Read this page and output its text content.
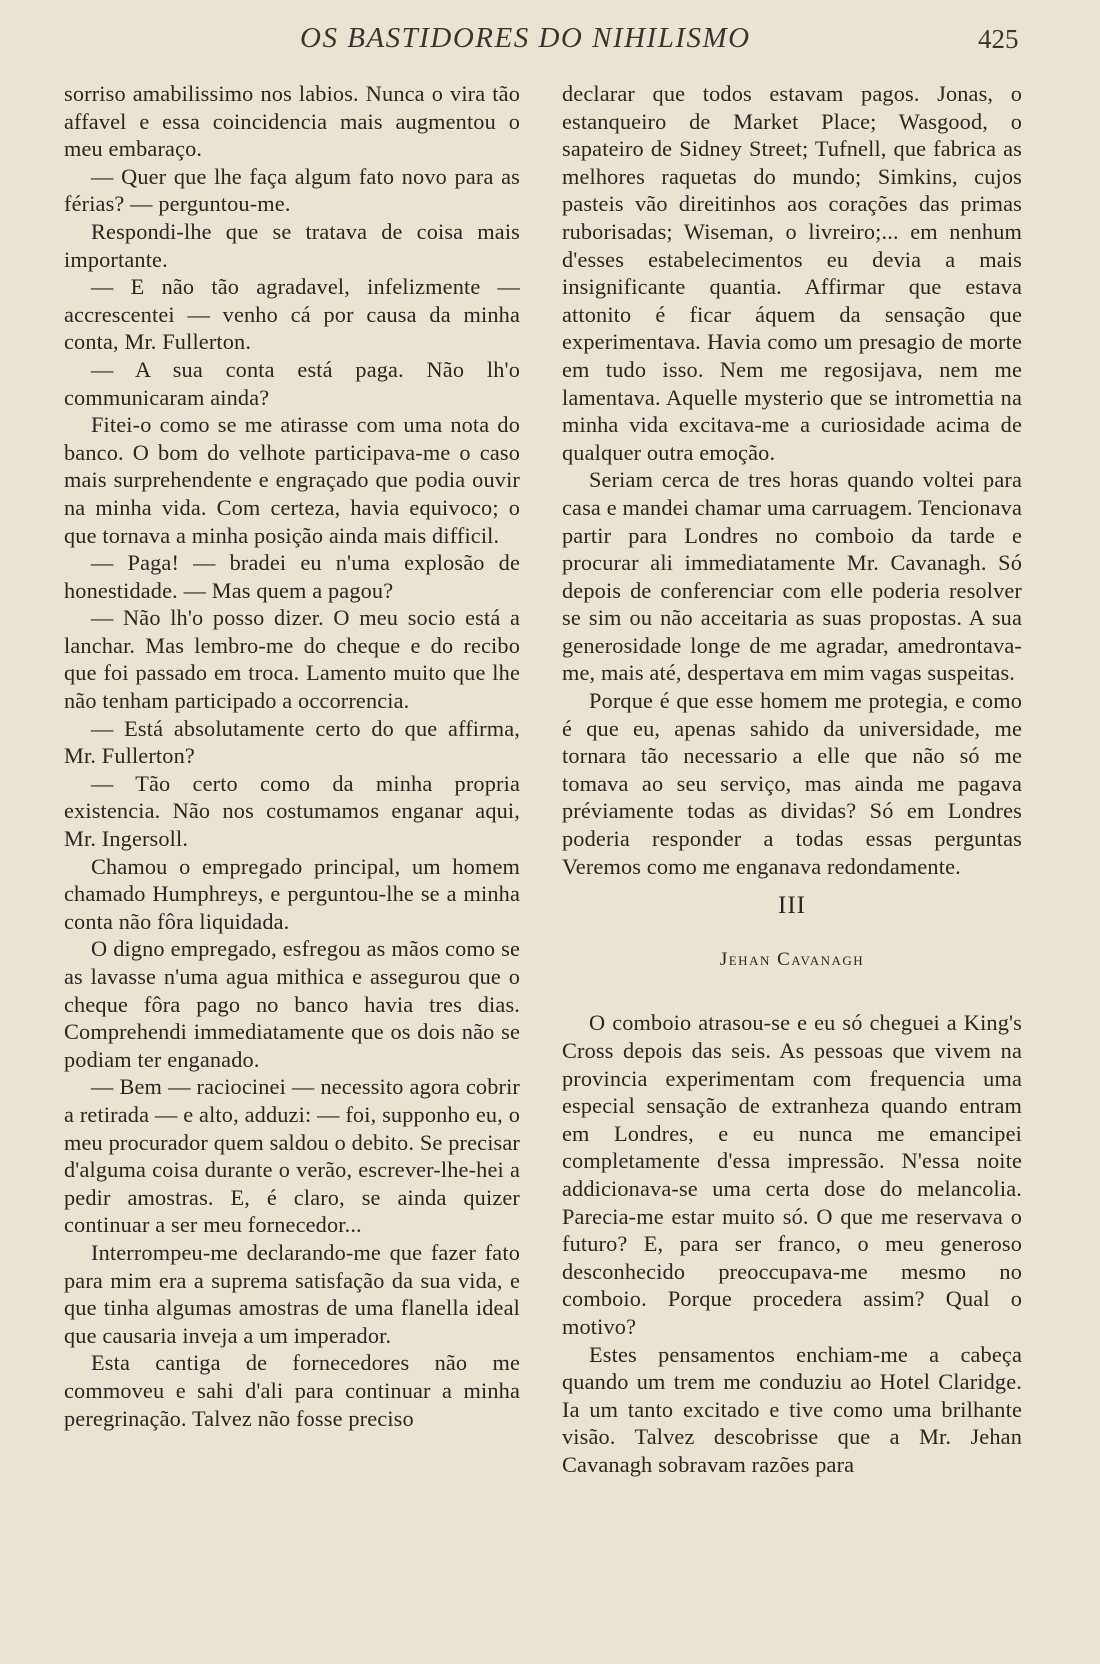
OS BASTIDORES DO NIHILISMO	425

sorriso amabilissimo nos labios. Nunca o vira tão affavel e essa coincidencia mais augmentou o meu embaraço.

— Quer que lhe faça algum fato novo para as férias? — perguntou-me.

Respondi-lhe que se tratava de coisa mais importante.

— E não tão agradavel, infelizmente — accrescentei — venho cá por causa da minha conta, Mr. Fullerton.

— A sua conta está paga. Não lh'o communicaram ainda?

Fitei-o como se me atirasse com uma nota do banco. O bom do velhote participava-me o caso mais surprehendente e engraçado que podia ouvir na minha vida. Com certeza, havia equivoco; o que tornava a minha posição ainda mais difficil.

— Paga! — bradei eu n'uma explosão de honestidade. — Mas quem a pagou?

— Não lh'o posso dizer. O meu socio está a lanchar. Mas lembro-me do cheque e do recibo que foi passado em troca. Lamento muito que lhe não tenham participado a occorrencia.

— Está absolutamente certo do que affirma, Mr. Fullerton?

— Tão certo como da minha propria existencia. Não nos costumamos enganar aqui, Mr. Ingersoll.

Chamou o empregado principal, um homem chamado Humphreys, e perguntou-lhe se a minha conta não fôra liquidada.

O digno empregado, esfregou as mãos como se as lavasse n'uma agua mithica e assegurou que o cheque fôra pago no banco havia tres dias. Comprehendi immediatamente que os dois não se podiam ter enganado.

— Bem — raciocinei — necessito agora cobrir a retirada — e alto, adduzi: — foi, supponho eu, o meu procurador quem saldou o debito. Se precisar d'alguma coisa durante o verão, escrever-lhe-hei a pedir amostras. E, é claro, se ainda quizer continuar a ser meu fornecedor...

Interrompeu-me declarando-me que fazer fato para mim era a suprema satisfação da sua vida, e que tinha algumas amostras de uma flanella ideal que causaria inveja a um imperador.

Esta cantiga de fornecedores não me commoveu e sahi d'ali para continuar a minha peregrinação. Talvez não fosse preciso

declarar que todos estavam pagos. Jonas, o estanqueiro de Market Place; Wasgood, o sapateiro de Sidney Street; Tufnell, que fabrica as melhores raquetas do mundo; Simkins, cujos pasteis vão direitinhos aos corações das primas ruborisadas; Wiseman, o livreiro;... em nenhum d'esses estabelecimentos eu devia a mais insignificante quantia. Affirmar que estava attonito é ficar áquem da sensação que experimentava. Havia como um presagio de morte em tudo isso. Nem me regosijava, nem me lamentava. Aquelle mysterio que se intromettia na minha vida excitava-me a curiosidade acima de qualquer outra emoção.

Seriam cerca de tres horas quando voltei para casa e mandei chamar uma carruagem. Tencionava partir para Londres no comboio da tarde e procurar ali immediatamente Mr. Cavanagh. Só depois de conferenciar com elle poderia resolver se sim ou não acceitaria as suas propostas. A sua generosidade longe de me agradar, amedrontava-me, mais até, despertava em mim vagas suspeitas.

Porque é que esse homem me protegia, e como é que eu, apenas sahido da universidade, me tornara tão necessario a elle que não só me tomava ao seu serviço, mas ainda me pagava préviamente todas as dividas? Só em Londres poderia responder a todas essas perguntas Veremos como me enganava redondamente.

III
Jehan Cavanagh

O comboio atrasou-se e eu só cheguei a King's Cross depois das seis. As pessoas que vivem na provincia experimentam com frequencia uma especial sensação de extranheza quando entram em Londres, e eu nunca me emancipei completamente d'essa impressão. N'essa noite addicionava-se uma certa dose do melancolia. Parecia-me estar muito só. O que me reservava o futuro? E, para ser franco, o meu generoso desconhecido preoccupava-me mesmo no comboio. Porque procedera assim? Qual o motivo?

Estes pensamentos enchiam-me a cabeça quando um trem me conduziu ao Hotel Claridge. Ia um tanto excitado e tive como uma brilhante visão. Talvez descobrisse que a Mr. Jehan Cavanagh sobravam razões para
